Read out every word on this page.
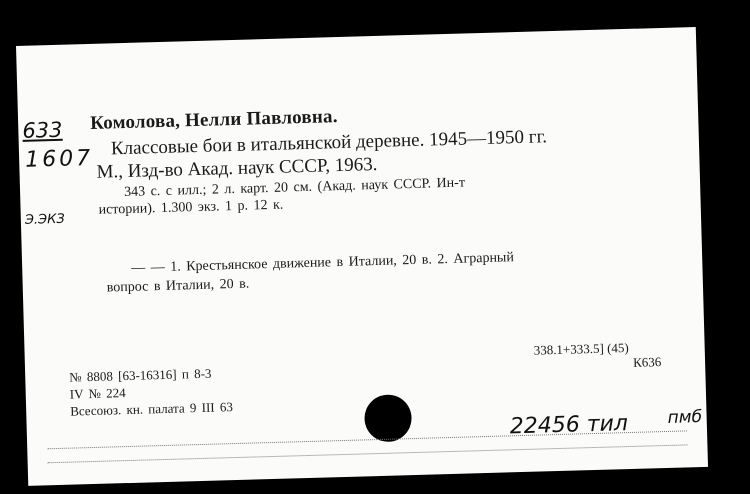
633
1607
Э.ЭКЗ
Комолова, Нелли Павловна.
Классовые бои в итальянской деревне. 1945—1950 гг.
М., Изд-во Акад. наук СССР, 1963.
343 с. с илл.; 2 л. карт. 20 см. (Акад. наук СССР. Ин-т
истории). 1.300 экз. 1 р. 12 к.
— — 1. Крестьянское движение в Италии, 20 в. 2. Аграрный
вопрос в Италии, 20 в.
№ 8808 [63-16316] п 8-3
IV № 224
Всесоюз. кн. палата 9 III 63
338.1+333.5] (45)
К636
22456 тил пмб
